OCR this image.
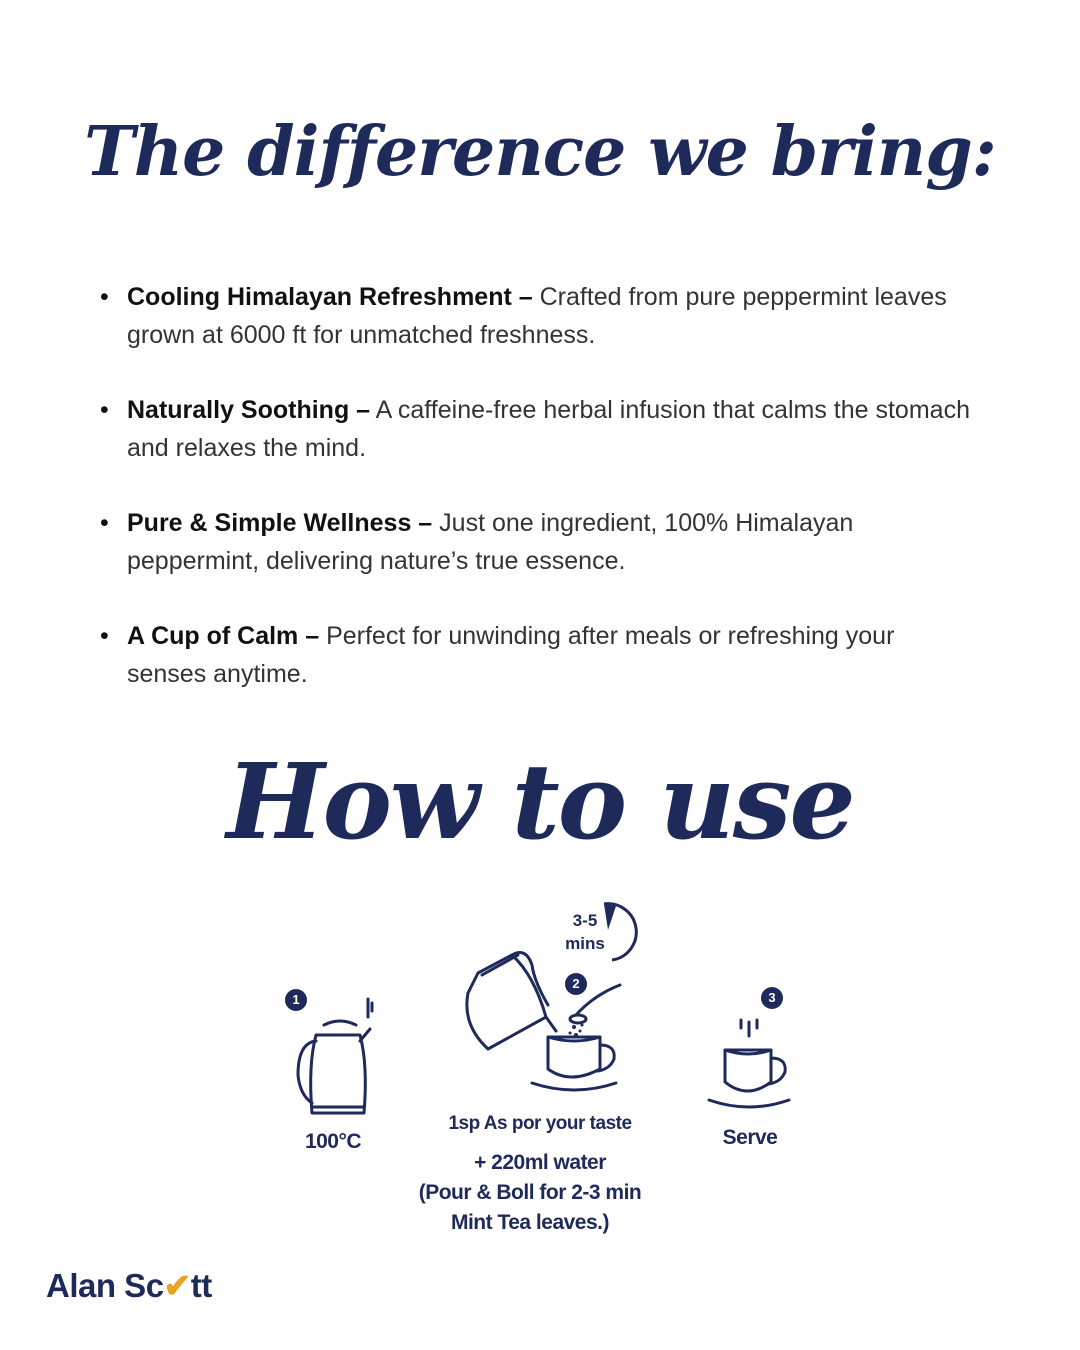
The difference we bring:
• Cooling Himalayan Refreshment – Crafted from pure peppermint leaves grown at 6000 ft for unmatched freshness.
• Naturally Soothing – A caffeine-free herbal infusion that calms the stomach and relaxes the mind.
• Pure & Simple Wellness – Just one ingredient, 100% Himalayan peppermint, delivering nature’s true essence.
• A Cup of Calm – Perfect for unwinding after meals or refreshing your senses anytime.
How to use
1
100°C
3-5
mins
2
1sp As por your taste
+ 220ml water
(Pour & Boll for 2-3 min
Mint Tea leaves.)
3
Serve
Alan Sc✔tt
